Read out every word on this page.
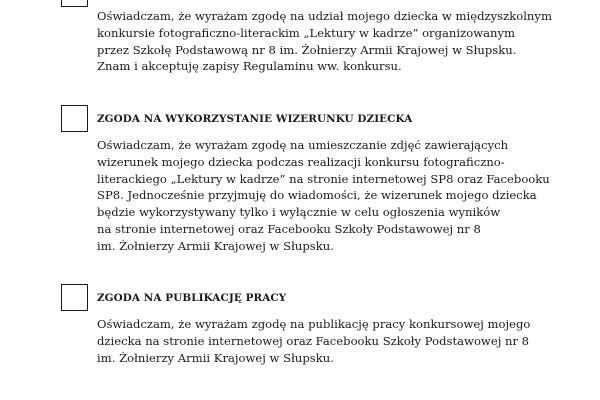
Oświadczam, że wyrażam zgodę na udział mojego dziecka w międzyszkolnym
konkursie fotograficzno-literackim „Lektury w kadrze” organizowanym
przez Szkołę Podstawową nr 8 im. Żołnierzy Armii Krajowej w Słupsku.
Znam i akceptuję zapisy Regulaminu ww. konkursu.
ZGODA NA WYKORZYSTANIE WIZERUNKU DZIECKA
Oświadczam, że wyrażam zgodę na umieszczanie zdjęć zawierających
wizerunek mojego dziecka podczas realizacji konkursu fotograficzno-
literackiego „Lektury w kadrze” na stronie internetowej SP8 oraz Facebooku
SP8. Jednocześnie przyjmuję do wiadomości, że wizerunek mojego dziecka
będzie wykorzystywany tylko i wyłącznie w celu ogłoszenia wyników
na stronie internetowej oraz Facebooku Szkoły Podstawowej nr 8
im. Żołnierzy Armii Krajowej w Słupsku.
ZGODA NA PUBLIKACJĘ PRACY
Oświadczam, że wyrażam zgodę na publikację pracy konkursowej mojego
dziecka na stronie internetowej oraz Facebooku Szkoły Podstawowej nr 8
im. Żołnierzy Armii Krajowej w Słupsku.
